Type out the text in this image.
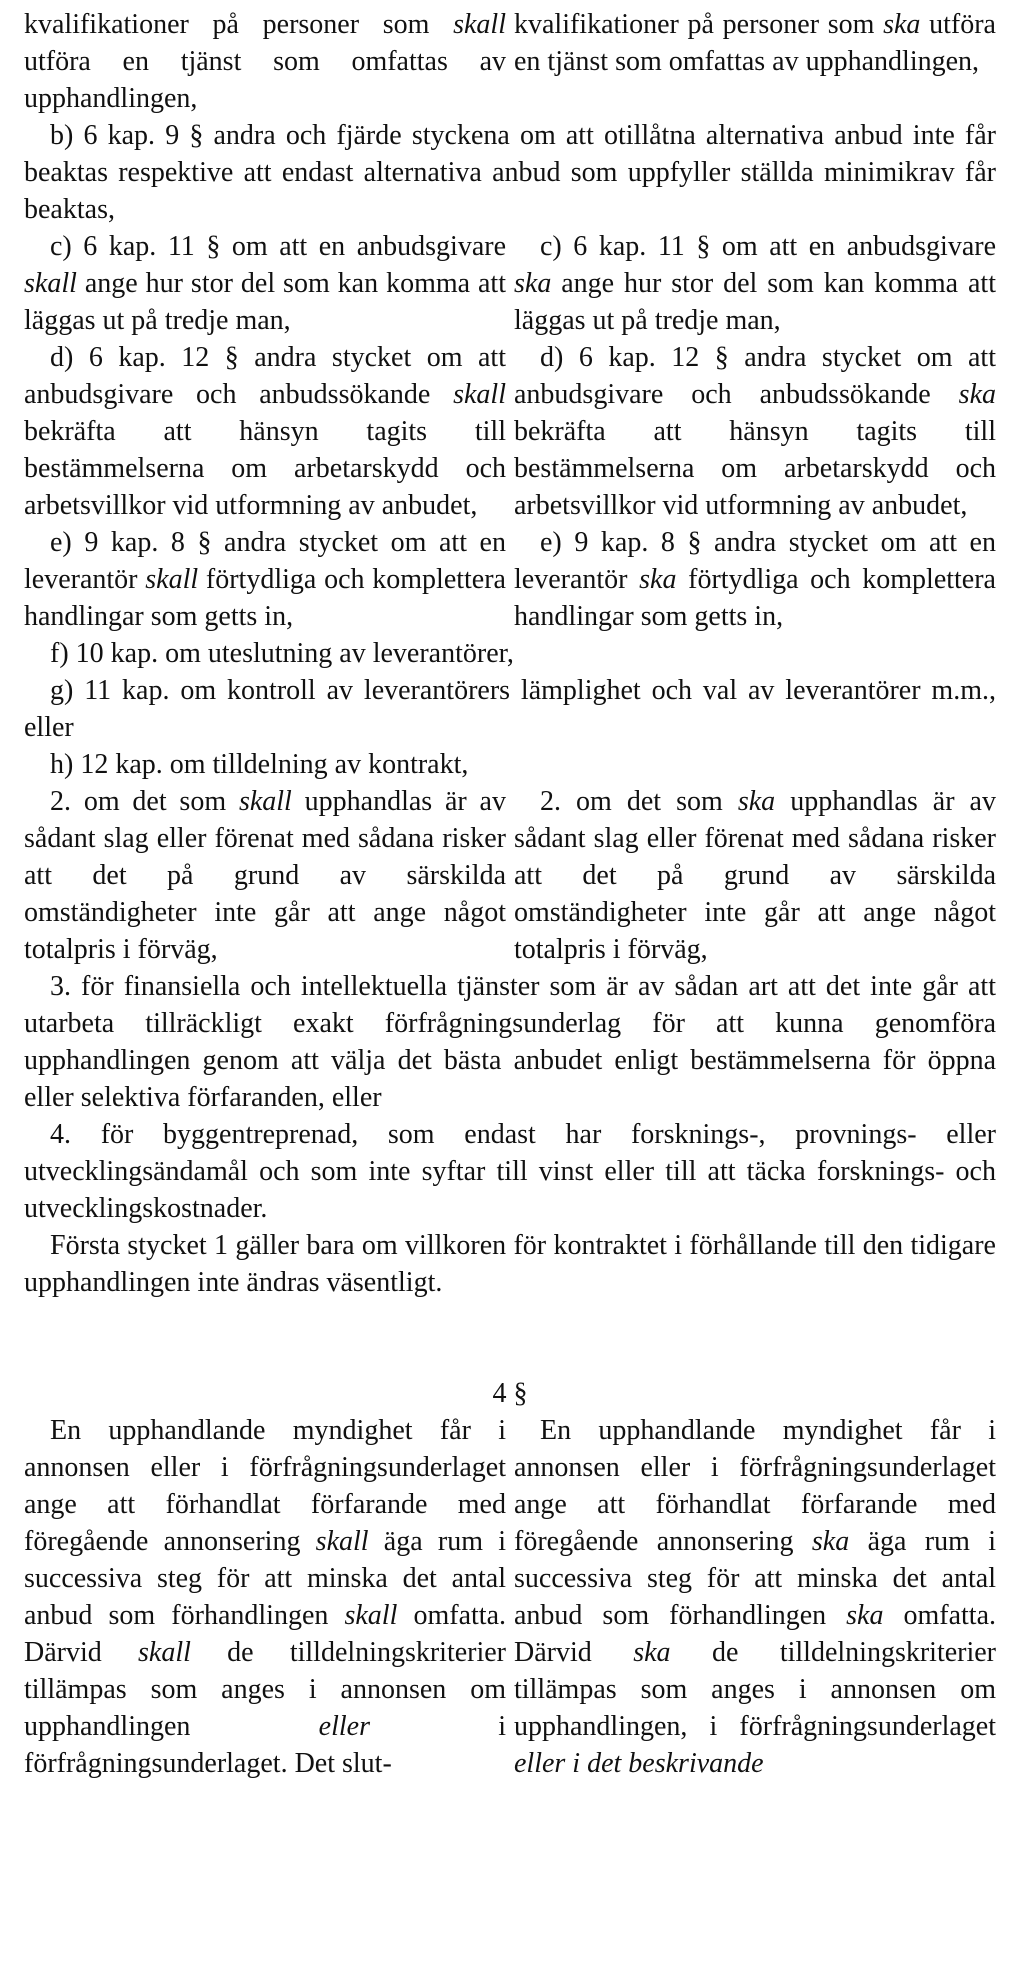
kvalifikationer på personer som skall utföra en tjänst som omfattas av upphandlingen,
kvalifikationer på personer som ska utföra en tjänst som omfattas av upphandlingen,
b) 6 kap. 9 § andra och fjärde styckena om att otillåtna alternativa anbud inte får beaktas respektive att endast alternativa anbud som uppfyller ställda minimikrav får beaktas,
c) 6 kap. 11 § om att en anbudsgivare skall ange hur stor del som kan komma att läggas ut på tredje man,
c) 6 kap. 11 § om att en anbudsgivare ska ange hur stor del som kan komma att läggas ut på tredje man,
d) 6 kap. 12 § andra stycket om att anbudsgivare och anbudssökande skall bekräfta att hänsyn tagits till bestämmelserna om arbetarskydd och arbetsvillkor vid utformning av anbudet,
d) 6 kap. 12 § andra stycket om att anbudsgivare och anbudssökande ska bekräfta att hänsyn tagits till bestämmelserna om arbetarskydd och arbetsvillkor vid utformning av anbudet,
e) 9 kap. 8 § andra stycket om att en leverantör skall förtydliga och komplettera handlingar som getts in,
e) 9 kap. 8 § andra stycket om att en leverantör ska förtydliga och komplettera handlingar som getts in,
f) 10 kap. om uteslutning av leverantörer,
g) 11 kap. om kontroll av leverantörers lämplighet och val av leverantörer m.m., eller
h) 12 kap. om tilldelning av kontrakt,
2. om det som skall upphandlas är av sådant slag eller förenat med sådana risker att det på grund av särskilda omständigheter inte går att ange något totalpris i förväg,
2. om det som ska upphandlas är av sådant slag eller förenat med sådana risker att det på grund av särskilda omständigheter inte går att ange något totalpris i förväg,
3. för finansiella och intellektuella tjänster som är av sådan art att det inte går att utarbeta tillräckligt exakt förfrågningsunderlag för att kunna genomföra upphandlingen genom att välja det bästa anbudet enligt bestämmelserna för öppna eller selektiva förfaranden, eller
4. för byggentreprenad, som endast har forsknings-, provnings- eller utvecklingsändamål och som inte syftar till vinst eller till att täcka forsknings- och utvecklingskostnader.
Första stycket 1 gäller bara om villkoren för kontraktet i förhållande till den tidigare upphandlingen inte ändras väsentligt.
4 §
En upphandlande myndighet får i annonsen eller i förfrågningsunderlaget ange att förhandlat förfarande med föregående annonsering skall äga rum i successiva steg för att minska det antal anbud som förhandlingen skall omfatta. Därvid skall de tilldelningskriterier tillämpas som anges i annonsen om upphandlingen eller i förfrågningsunderlaget. Det slut-
En upphandlande myndighet får i annonsen eller i förfrågningsunderlaget ange att förhandlat förfarande med föregående annonsering ska äga rum i successiva steg för att minska det antal anbud som förhandlingen ska omfatta. Därvid ska de tilldelningskriterier tillämpas som anges i annonsen om upphandlingen, i förfrågningsunderlaget eller i det beskrivande
